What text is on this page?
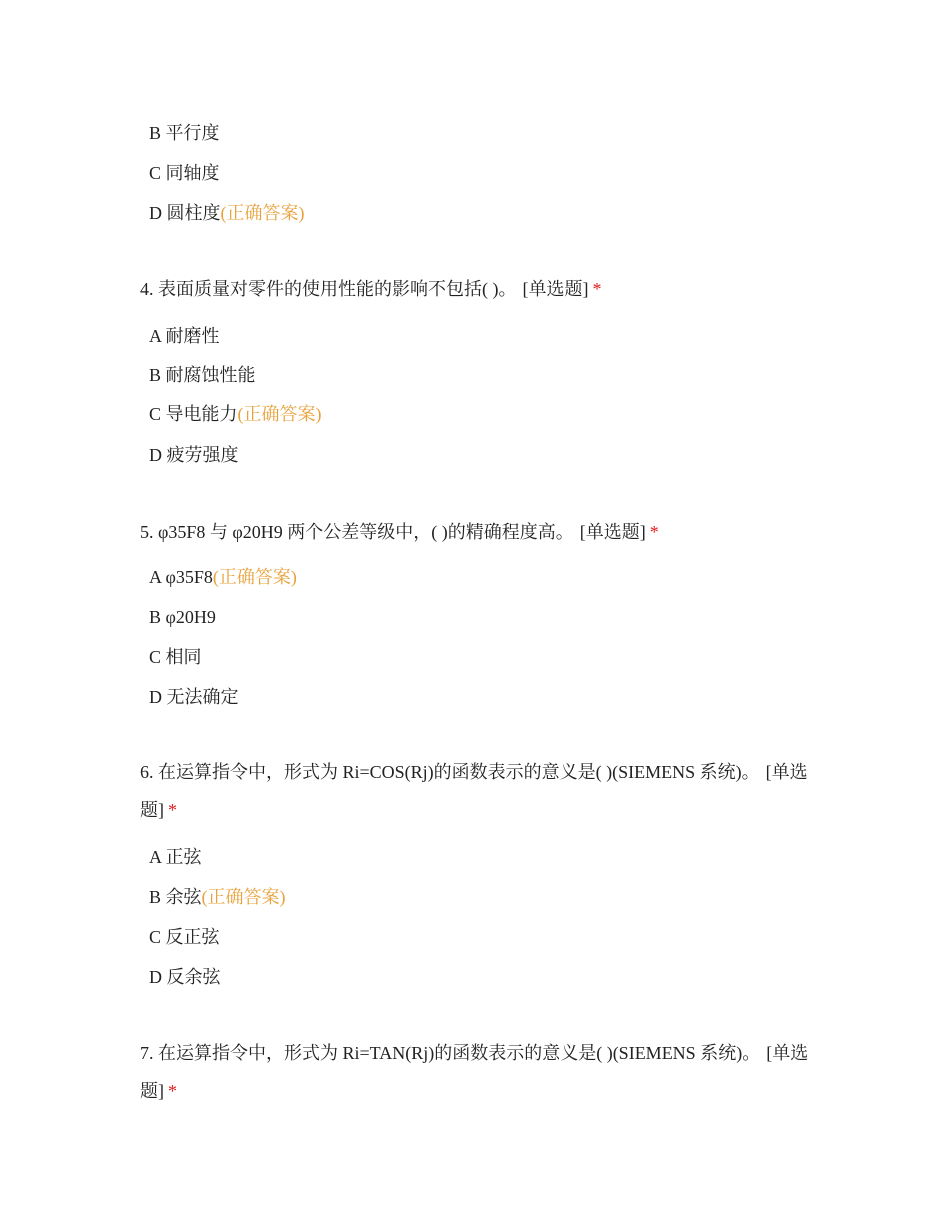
B 平行度
C 同轴度
D 圆柱度(正确答案)
4. 表面质量对零件的使用性能的影响不包括( )。 [单选题] *
A 耐磨性
B 耐腐蚀性能
C 导电能力(正确答案)
D 疲劳强度
5. φ35F8 与 φ20H9 两个公差等级中，( )的精确程度高。 [单选题] *
A φ35F8(正确答案)
B φ20H9
C 相同
D 无法确定
6. 在运算指令中，形式为 Ri=COS(Rj)的函数表示的意义是( )(SIEMENS 系统)。 [单选题] *
A 正弦
B 余弦(正确答案)
C 反正弦
D 反余弦
7. 在运算指令中，形式为 Ri=TAN(Rj)的函数表示的意义是( )(SIEMENS 系统)。 [单选题] *
